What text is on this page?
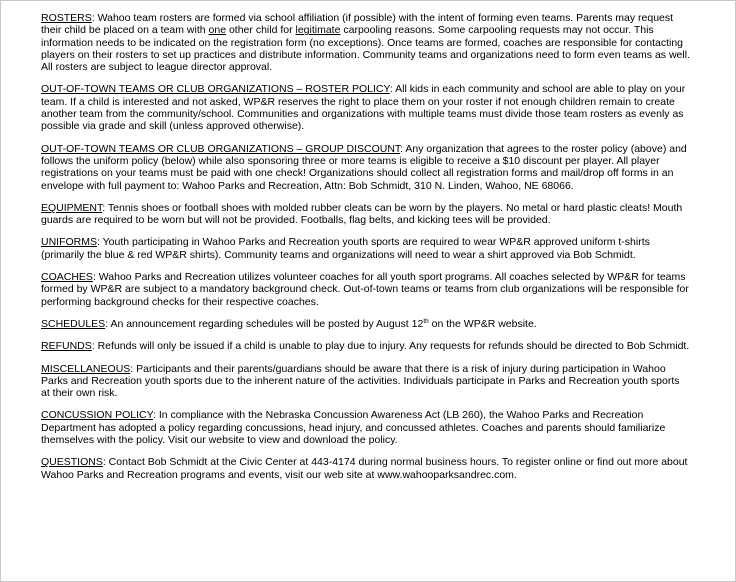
ROSTERS: Wahoo team rosters are formed via school affiliation (if possible) with the intent of forming even teams. Parents may request their child be placed on a team with one other child for legitimate carpooling reasons. Some carpooling requests may not occur. This information needs to be indicated on the registration form (no exceptions). Once teams are formed, coaches are responsible for contacting players on their rosters to set up practices and distribute information. Community teams and organizations need to form even teams as well. All rosters are subject to league director approval.

OUT-OF-TOWN TEAMS OR CLUB ORGANIZATIONS – ROSTER POLICY: All kids in each community and school are able to play on your team. If a child is interested and not asked, WP&R reserves the right to place them on your roster if not enough children remain to create another team from the community/school. Communities and organizations with multiple teams must divide those team rosters as evenly as possible via grade and skill (unless approved otherwise).

OUT-OF-TOWN TEAMS OR CLUB ORGANIZATIONS – GROUP DISCOUNT: Any organization that agrees to the roster policy (above) and follows the uniform policy (below) while also sponsoring three or more teams is eligible to receive a $10 discount per player. All player registrations on your teams must be paid with one check! Organizations should collect all registration forms and mail/drop off forms in an envelope with full payment to: Wahoo Parks and Recreation, Attn: Bob Schmidt, 310 N. Linden, Wahoo, NE 68066.

EQUIPMENT: Tennis shoes or football shoes with molded rubber cleats can be worn by the players. No metal or hard plastic cleats! Mouth guards are required to be worn but will not be provided. Footballs, flag belts, and kicking tees will be provided.

UNIFORMS: Youth participating in Wahoo Parks and Recreation youth sports are required to wear WP&R approved uniform t-shirts (primarily the blue & red WP&R shirts). Community teams and organizations will need to wear a shirt approved via Bob Schmidt.

COACHES: Wahoo Parks and Recreation utilizes volunteer coaches for all youth sport programs. All coaches selected by WP&R for teams formed by WP&R are subject to a mandatory background check. Out-of-town teams or teams from club organizations will be responsible for performing background checks for their respective coaches.

SCHEDULES: An announcement regarding schedules will be posted by August 12th on the WP&R website.

REFUNDS: Refunds will only be issued if a child is unable to play due to injury. Any requests for refunds should be directed to Bob Schmidt.

MISCELLANEOUS: Participants and their parents/guardians should be aware that there is a risk of injury during participation in Wahoo Parks and Recreation youth sports due to the inherent nature of the activities. Individuals participate in Parks and Recreation youth sports at their own risk.

CONCUSSION POLICY: In compliance with the Nebraska Concussion Awareness Act (LB 260), the Wahoo Parks and Recreation Department has adopted a policy regarding concussions, head injury, and concussed athletes. Coaches and parents should familiarize themselves with the policy. Visit our website to view and download the policy.

QUESTIONS: Contact Bob Schmidt at the Civic Center at 443-4174 during normal business hours. To register online or find out more about Wahoo Parks and Recreation programs and events, visit our web site at www.wahooparksandrec.com.
